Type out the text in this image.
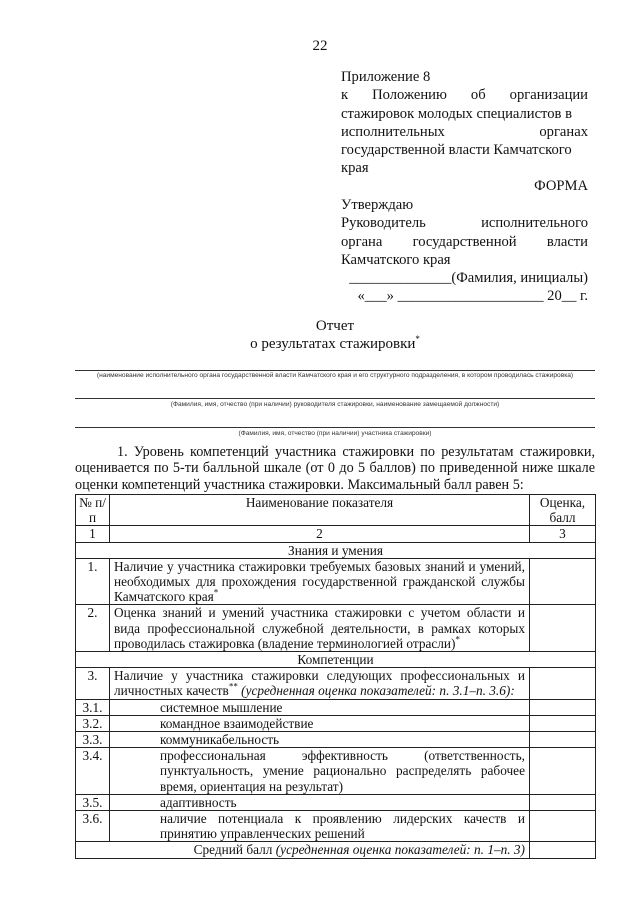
22
Приложение 8
к Положению об организации
стажировок молодых специалистов в
исполнительных органах
государственной власти Камчатского
края
ФОРМА
Утверждаю
Руководитель исполнительного
органа государственной власти
Камчатского края
______________(Фамилия, инициалы)
«___» ____________________ 20__ г.
Отчет
о результатах стажировки*
(наименование исполнительного органа государственной власти Камчатского края и его структурного подразделения, в котором проводилась стажировка)
(Фамилия, имя, отчество (при наличии) руководителя стажировки, наименование замещаемой должности)
(Фамилия, имя, отчество (при наличии) участника стажировки)
1. Уровень компетенций участника стажировки по результатам стажировки, оценивается по 5-ти балльной шкале (от 0 до 5 баллов) по приведенной ниже шкале оценки компетенций участника стажировки. Максимальный балл равен 5:
№ п/п	Наименование показателя	Оценка, балл
1	2	3
Знания и умения		
1.	Наличие у участника стажировки требуемых базовых знаний и умений, необходимых для прохождения государственной гражданской службы Камчатского края*	
2.	Оценка знаний и умений участника стажировки с учетом области и вида профессиональной служебной деятельности, в рамках которых проводилась стажировка (владение терминологией отрасли)*	
Компетенции		
3.	Наличие у участника стажировки следующих профессиональных и личностных качеств** (усредненная оценка показателей: п. 3.1–п. 3.6):	
3.1.	системное мышление	
3.2.	командное взаимодействие	
3.3.	коммуникабельность	
3.4.	профессиональная эффективность (ответственность, пунктуальность, умение рационально распределять рабочее время, ориентация на результат)	
3.5.	адаптивность	
3.6.	наличие потенциала к проявлению лидерских качеств и принятию управленческих решений	
Средний балл (усредненная оценка показателей: п. 1–п. 3)		
